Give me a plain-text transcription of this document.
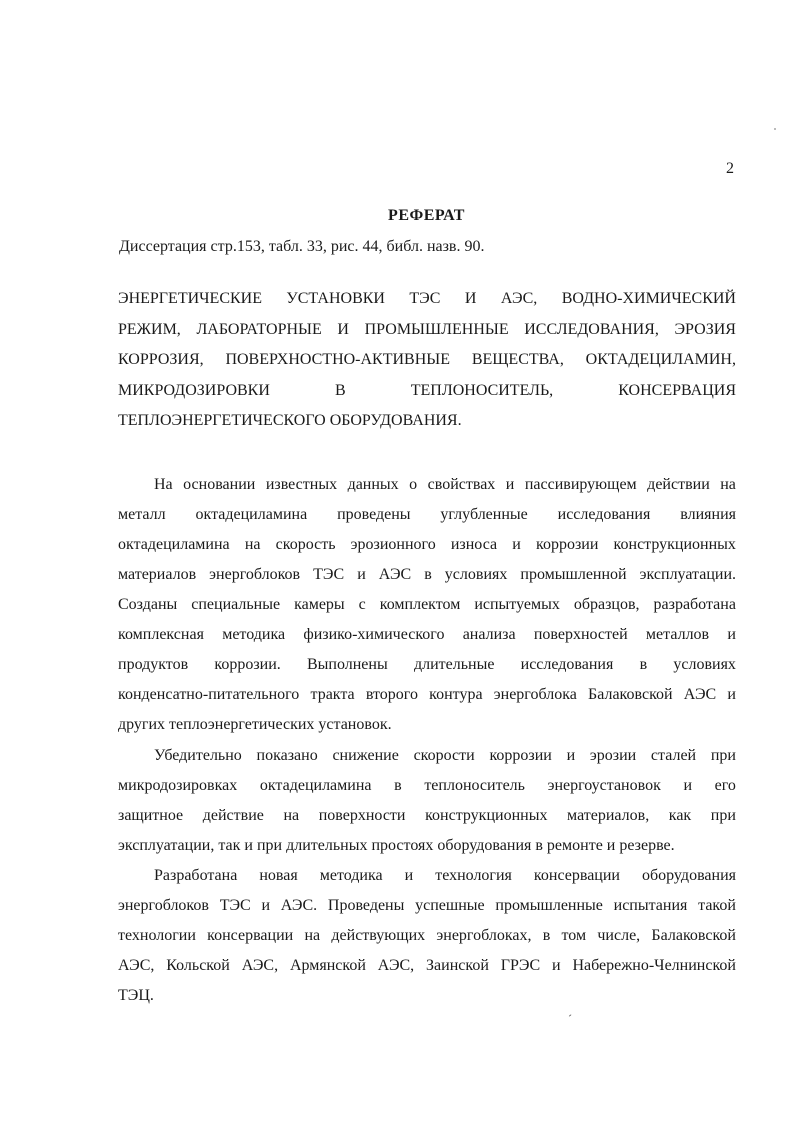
2
РЕФЕРАТ
Диссертация стр.153, табл. 33, рис. 44, библ. назв. 90.
ЭНЕРГЕТИЧЕСКИЕ УСТАНОВКИ ТЭС И АЭС, ВОДНО-ХИМИЧЕСКИЙ
РЕЖИМ, ЛАБОРАТОРНЫЕ И ПРОМЫШЛЕННЫЕ ИССЛЕДОВАНИЯ, ЭРОЗИЯ
КОРРОЗИЯ, ПОВЕРХНОСТНО-АКТИВНЫЕ ВЕЩЕСТВА, ОКТАДЕЦИЛАМИН,
МИКРОДОЗИРОВКИ	В	ТЕПЛОНОСИТЕЛЬ,	КОНСЕРВАЦИЯ
ТЕПЛОЭНЕРГЕТИЧЕСКОГО ОБОРУДОВАНИЯ.
На основании известных данных о свойствах и пассивирующем действии на
металл октадециламина проведены углубленные исследования влияния
октадециламина на скорость эрозионного износа и коррозии конструкционных
материалов энергоблоков ТЭС и АЭС в условиях промышленной эксплуатации.
Созданы специальные камеры с комплектом испытуемых образцов, разработана
комплексная методика физико-химического анализа поверхностей металлов и
продуктов коррозии. Выполнены длительные исследования в условиях
конденсатно-питательного тракта второго контура энергоблока Балаковской АЭС и
других теплоэнергетических установок.
Убедительно показано снижение скорости коррозии и эрозии сталей при
микродозировках октадециламина в теплоноситель энергоустановок и его
защитное действие на поверхности конструкционных материалов, как при
эксплуатации, так и при длительных простоях оборудования в ремонте и резерве.
Разработана новая методика и технология консервации оборудования
энергоблоков ТЭС и АЭС. Проведены успешные промышленные испытания такой
технологии консервации на действующих энергоблоках, в том числе, Балаковской
АЭС, Кольской АЭС, Армянской АЭС, Заинской ГРЭС и Набережно-Челнинской
ТЭЦ.
ˊ
